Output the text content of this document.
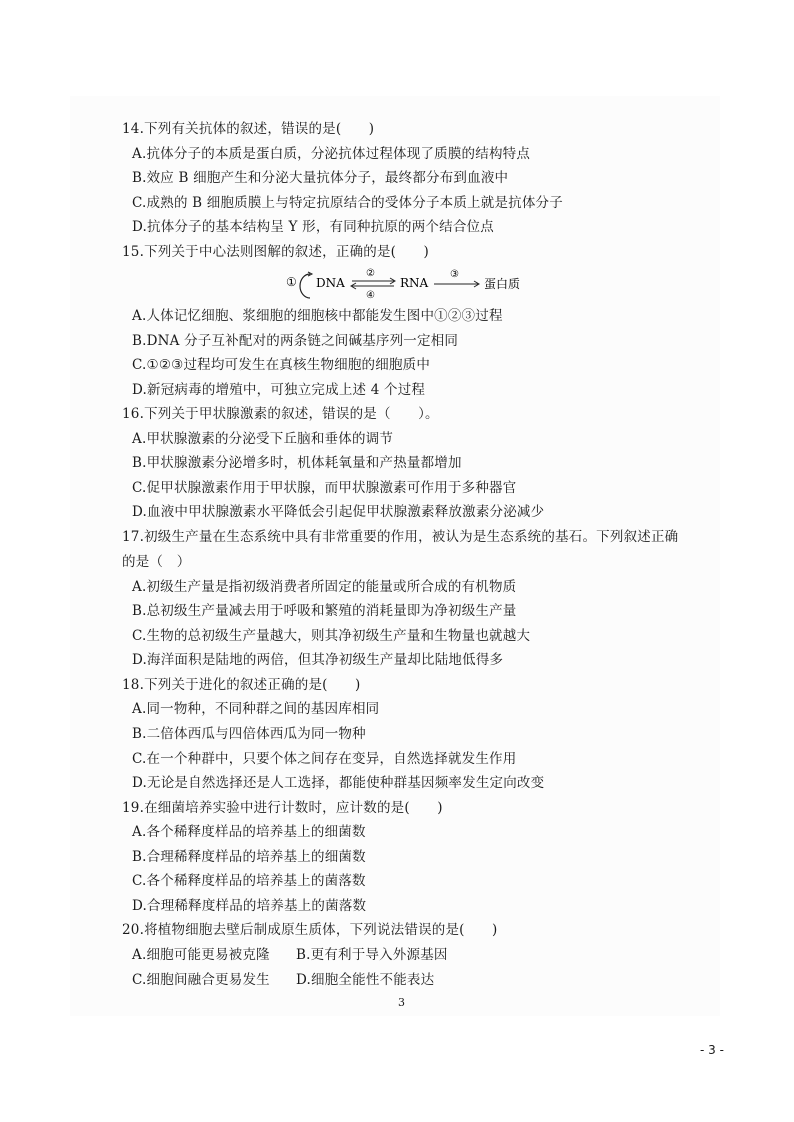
14.下列有关抗体的叙述，错误的是(　　)
A.抗体分子的本质是蛋白质，分泌抗体过程体现了质膜的结构特点
B.效应 B 细胞产生和分泌大量抗体分子，最终都分布到血液中
C.成熟的 B 细胞质膜上与特定抗原结合的受体分子本质上就是抗体分子
D.抗体分子的基本结构呈 Y 形，有同种抗原的两个结合位点
15.下列关于中心法则图解的叙述，正确的是(　　)
① DNA
②
④
RNA
③
蛋白质
A.人体记忆细胞、浆细胞的细胞核中都能发生图中①②③过程
B.DNA 分子互补配对的两条链之间碱基序列一定相同
C.①②③过程均可发生在真核生物细胞的细胞质中
D.新冠病毒的增殖中，可独立完成上述 4 个过程
16.下列关于甲状腺激素的叙述，错误的是（　　）。
A.甲状腺激素的分泌受下丘脑和垂体的调节
B.甲状腺激素分泌增多时，机体耗氧量和产热量都增加
C.促甲状腺激素作用于甲状腺，而甲状腺激素可作用于多种器官
D.血液中甲状腺激素水平降低会引起促甲状腺激素释放激素分泌减少
17.初级生产量在生态系统中具有非常重要的作用，被认为是生态系统的基石。下列叙述正确
的是（　）
A.初级生产量是指初级消费者所固定的能量或所合成的有机物质
B.总初级生产量减去用于呼吸和繁殖的消耗量即为净初级生产量
C.生物的总初级生产量越大，则其净初级生产量和生物量也就越大
D.海洋面积是陆地的两倍，但其净初级生产量却比陆地低得多
18.下列关于进化的叙述正确的是(　　)
A.同一物种，不同种群之间的基因库相同
B.二倍体西瓜与四倍体西瓜为同一物种
C.在一个种群中，只要个体之间存在变异，自然选择就发生作用
D.无论是自然选择还是人工选择，都能使种群基因频率发生定向改变
19.在细菌培养实验中进行计数时，应计数的是(　　)
A.各个稀释度样品的培养基上的细菌数
B.合理稀释度样品的培养基上的细菌数
C.各个稀释度样品的培养基上的菌落数
D.合理稀释度样品的培养基上的菌落数
20.将植物细胞去壁后制成原生质体，下列说法错误的是(　　)
A.细胞可能更易被克隆 B.更有利于导入外源基因
C.细胞间融合更易发生 D.细胞全能性不能表达
3
- 3 -
